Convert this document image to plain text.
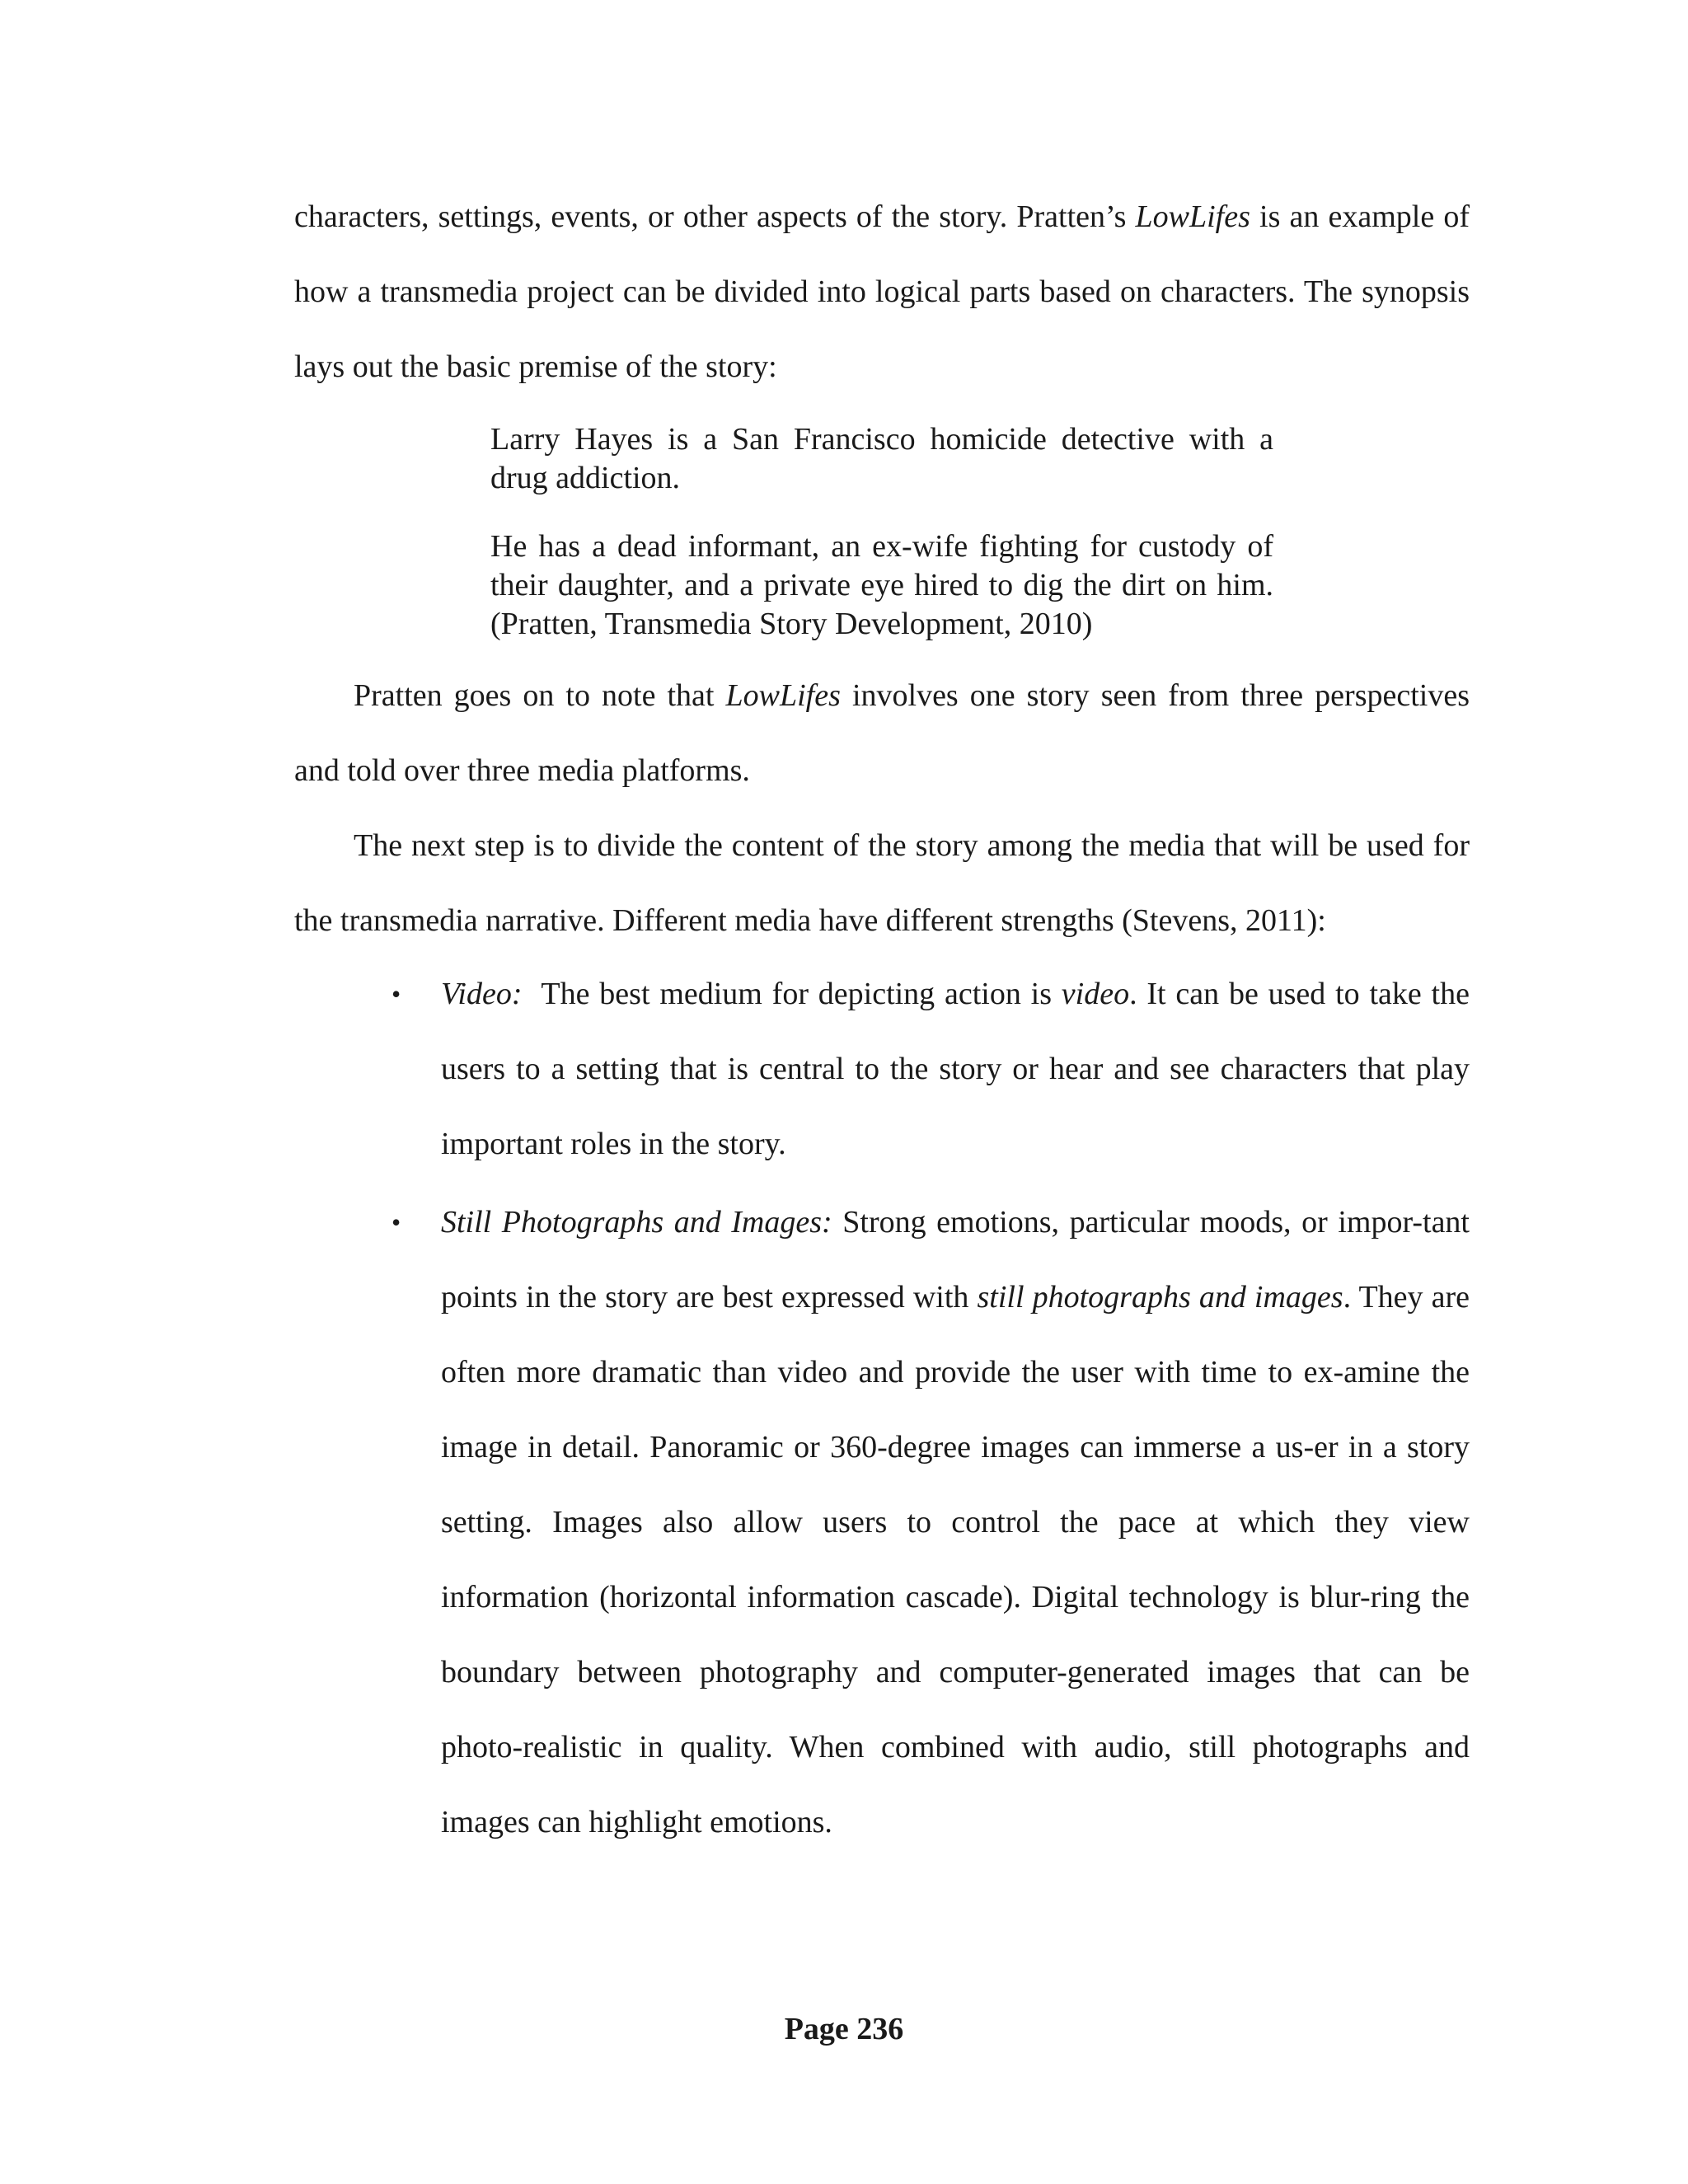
characters, settings, events, or other aspects of the story. Pratten’s LowLifes is an example of how a transmedia project can be divided into logical parts based on characters. The synopsis lays out the basic premise of the story:

Larry Hayes is a San Francisco homicide detective with a drug addiction.

He has a dead informant, an ex-wife fighting for custody of their daughter, and a private eye hired to dig the dirt on him. (Pratten, Transmedia Story Development, 2010)

Pratten goes on to note that LowLifes involves one story seen from three perspectives and told over three media platforms.

The next step is to divide the content of the story among the media that will be used for the transmedia narrative. Different media have different strengths (Stevens, 2011):

•
Video:  The best medium for depicting action is video. It can be used to take the users to a setting that is central to the story or hear and see characters that play important roles in the story.
•
Still Photographs and Images: Strong emotions, particular moods, or impor-tant points in the story are best expressed with still photographs and images. They are often more dramatic than video and provide the user with time to ex-amine the image in detail. Panoramic or 360-degree images can immerse a us-er in a story setting. Images also allow users to control the pace at which they view information (horizontal information cascade). Digital technology is blur-ring the boundary between photography and computer-generated images that can be photo-realistic in quality. When combined with audio, still photographs and images can highlight emotions.
Page 236
